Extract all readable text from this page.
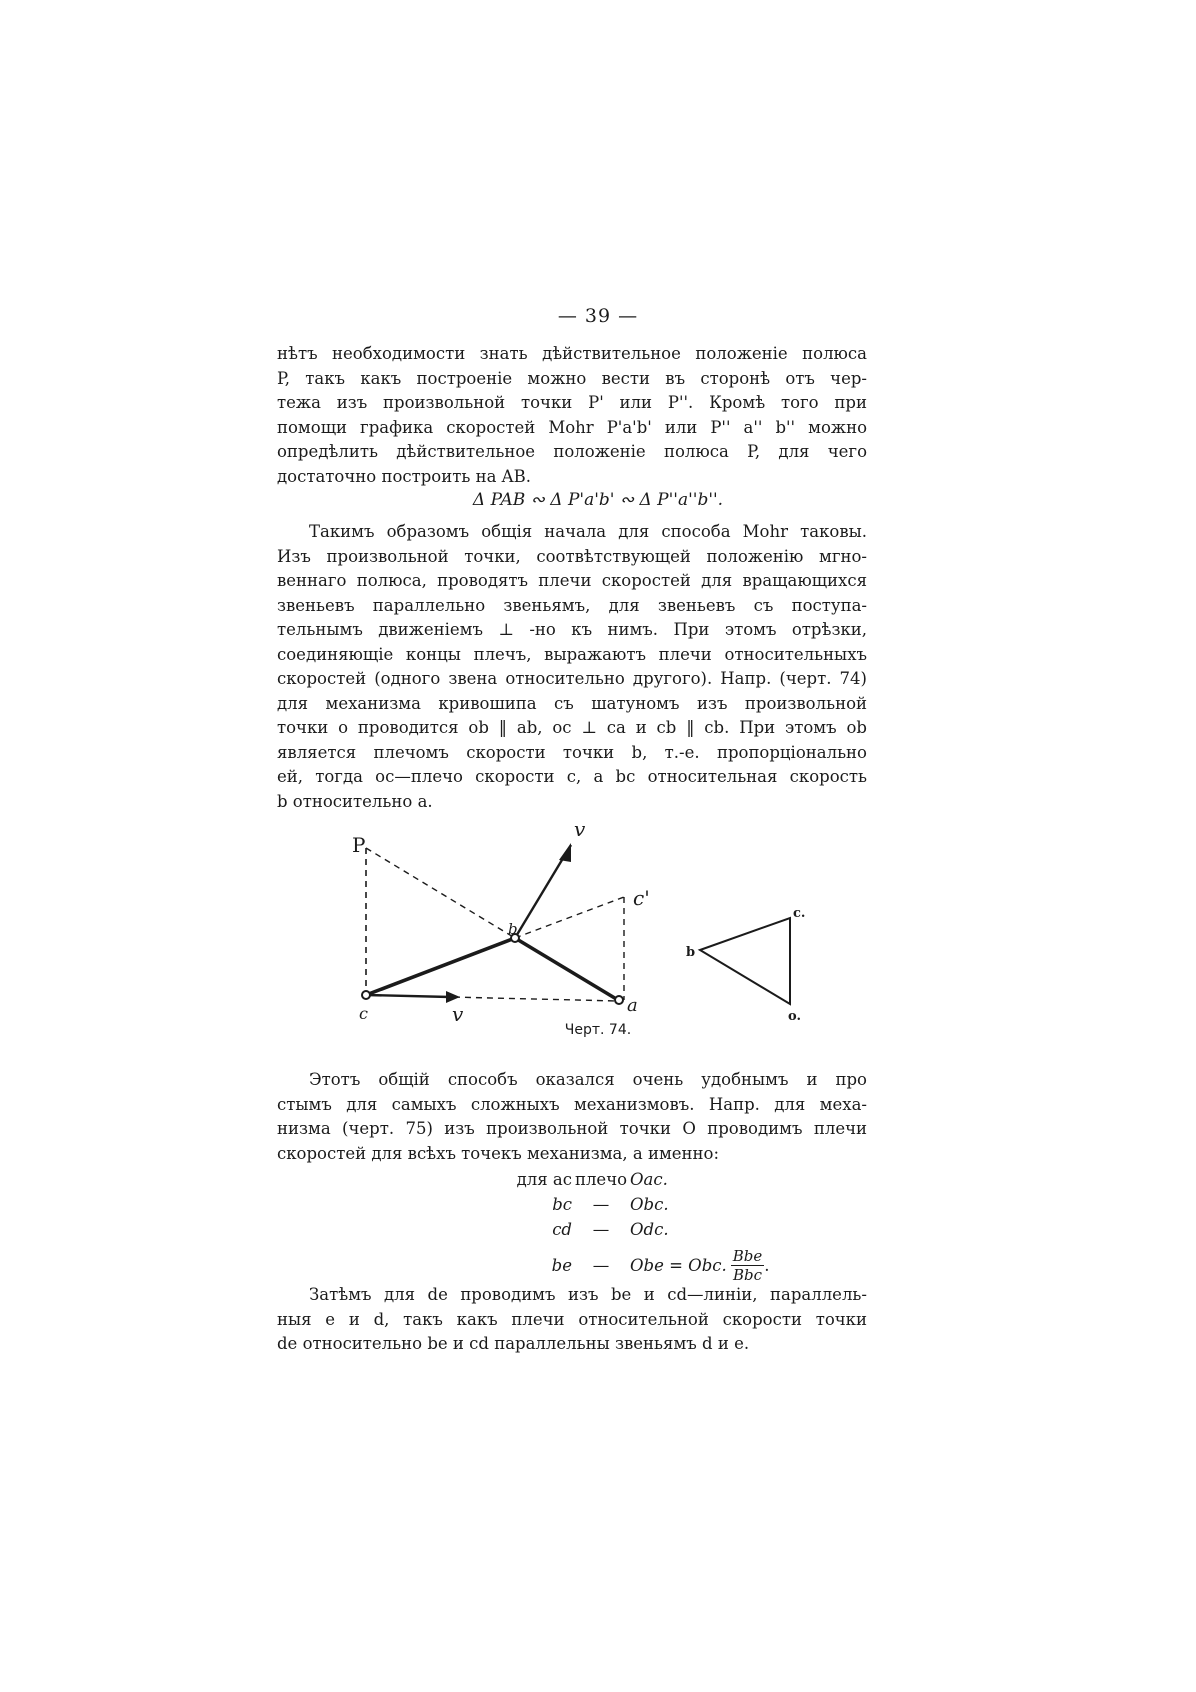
— 39 —
нѣтъ необходимости знать дѣйствительное положеніе полюса
P, такъ какъ построеніе можно вести въ сторонѣ отъ чер-
тежа изъ произвольной точки P' или P''. Кромѣ того при
помощи графика скоростей Mohr P'a'b' или P'' a'' b'' можно
опредѣлить дѣйствительное положеніе полюса P, для чего
достаточно построить на AB.
Δ PAB ∾ Δ P'a'b' ∾ Δ P''a''b''.
Такимъ образомъ общія начала для способа Mohr таковы.
Изъ произвольной точки, соотвѣтствующей положенію мгно-
веннаго полюса, проводятъ плечи скоростей для вращающихся
звеньевъ параллельно звеньямъ, для звеньевъ съ поступа-
тельнымъ движеніемъ ⊥ -но къ нимъ. При этомъ отрѣзки,
соединяющіе концы плечъ, выражаютъ плечи относительныхъ
скоростей (одного звена относительно другого). Напр. (черт. 74)
для механизма кривошипа съ шатуномъ изъ произвольной
точки o проводится ob ‖ ab, oc ⊥ ca и cb ‖ cb. При этомъ ob
является плечомъ скорости точки b, т.-е. пропорціонально
ей, тогда oc—плечо скорости c, а bc относительная скорость
b относительно a.
P
v
b
c'
c	v	a
b
c.
o.
Черт. 74.
Этотъ общій способъ оказался очень удобнымъ и про
стымъ для самыхъ сложныхъ механизмовъ. Напр. для меха-
низма (черт. 75) изъ произвольной точки O проводимъ плечи
скоростей для всѣхъ точекъ механизма, а именно:
для ac плечо Oac.
bc	—	Obc.
cd	—	Odc.
be	—	Obe = Obc. $\frac{\text{Bbe}}{\text{Bbc}}$ .
Затѣмъ для de проводимъ изъ be и cd—линіи, параллель-
ныя e и d, такъ какъ плечи относительной скорости точки
de относительно be и cd параллельны звеньямъ d и e.
